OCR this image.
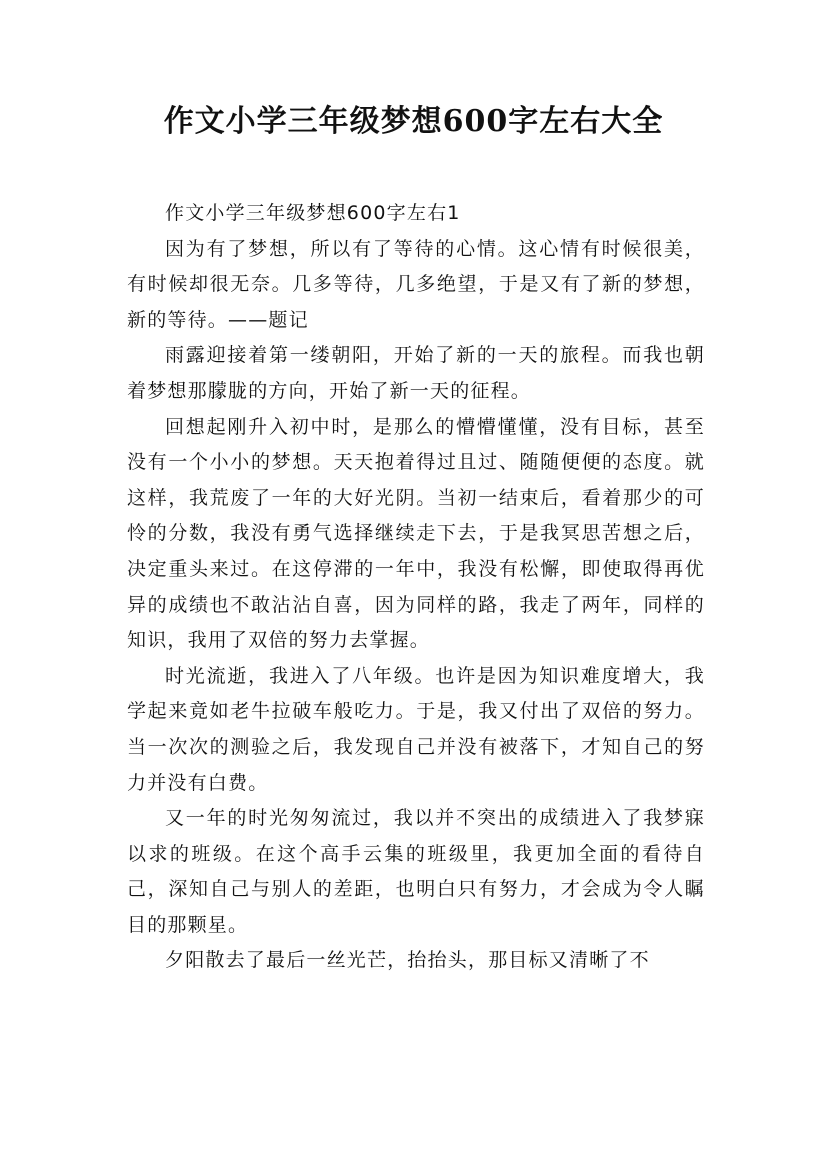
作文小学三年级梦想600字左右大全

作文小学三年级梦想600字左右1

因为有了梦想，所以有了等待的心情。这心情有时候很美，有时候却很无奈。几多等待，几多绝望，于是又有了新的梦想，新的等待。——题记

雨露迎接着第一缕朝阳，开始了新的一天的旅程。而我也朝着梦想那朦胧的方向，开始了新一天的征程。

回想起刚升入初中时，是那么的懵懵懂懂，没有目标，甚至没有一个小小的梦想。天天抱着得过且过、随随便便的态度。就这样，我荒废了一年的大好光阴。当初一结束后，看着那少的可怜的分数，我没有勇气选择继续走下去，于是我冥思苦想之后，决定重头来过。在这停滞的一年中，我没有松懈，即使取得再优异的成绩也不敢沾沾自喜，因为同样的路，我走了两年，同样的知识，我用了双倍的努力去掌握。

时光流逝，我进入了八年级。也许是因为知识难度增大，我学起来竟如老牛拉破车般吃力。于是，我又付出了双倍的努力。当一次次的测验之后，我发现自己并没有被落下，才知自己的努力并没有白费。

又一年的时光匆匆流过，我以并不突出的成绩进入了我梦寐以求的班级。在这个高手云集的班级里，我更加全面的看待自己，深知自己与别人的差距，也明白只有努力，才会成为令人瞩目的那颗星。

夕阳散去了最后一丝光芒，抬抬头，那目标又清晰了不
